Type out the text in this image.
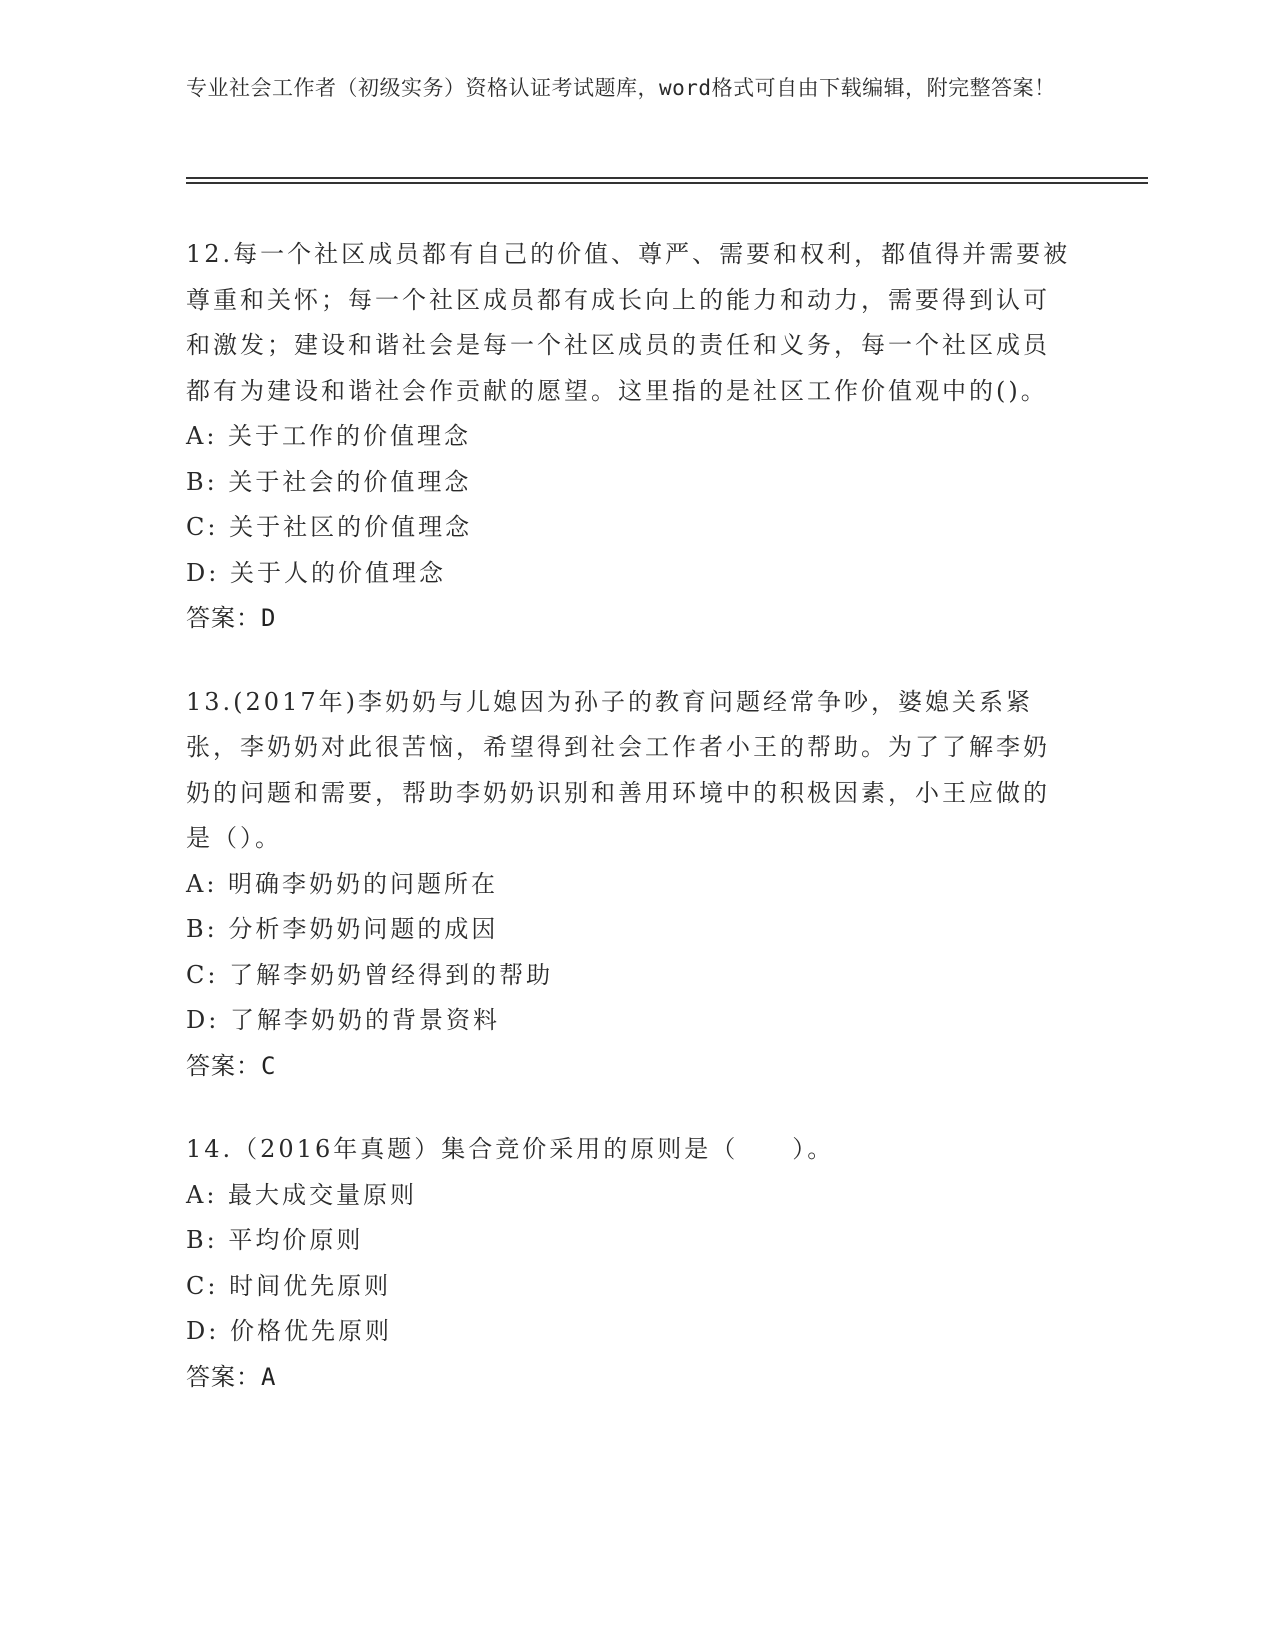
专业社会工作者（初级实务）资格认证考试题库，word格式可自由下载编辑，附完整答案！
12.每一个社区成员都有自己的价值、尊严、需要和权利，都值得并需要被尊重和关怀；每一个社区成员都有成长向上的能力和动力，需要得到认可和激发；建设和谐社会是每一个社区成员的责任和义务，每一个社区成员都有为建设和谐社会作贡献的愿望。这里指的是社区工作价值观中的()。
A: 关于工作的价值理念
B: 关于社会的价值理念
C: 关于社区的价值理念
D: 关于人的价值理念
答案：D
13.(2017年)李奶奶与儿媳因为孙子的教育问题经常争吵，婆媳关系紧张，李奶奶对此很苦恼，希望得到社会工作者小王的帮助。为了了解李奶奶的问题和需要，帮助李奶奶识别和善用环境中的积极因素，小王应做的是（）。
A: 明确李奶奶的问题所在
B: 分析李奶奶问题的成因
C: 了解李奶奶曾经得到的帮助
D: 了解李奶奶的背景资料
答案：C
14.（2016年真题）集合竞价采用的原则是（　　）。
A: 最大成交量原则
B: 平均价原则
C: 时间优先原则
D: 价格优先原则
答案：A
